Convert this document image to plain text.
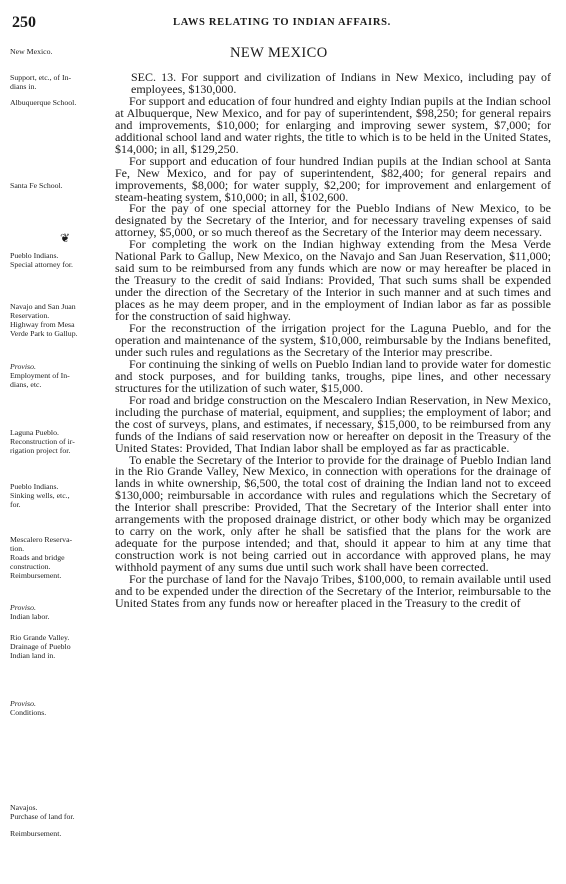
250	LAWS RELATING TO INDIAN AFFAIRS.
NEW MEXICO
New Mexico.
Support, etc., of In-
dians in.
Albuquerque School.
Santa Fe School.
Pueblo Indians.
Special attorney for.
Navajo and San Juan
Reservation.
Highway from Mesa
Verde Park to Gallup.
Proviso.
Employment of In-
dians, etc.
Laguna Pueblo.
Reconstruction of ir-
rigation project for.
Pueblo Indians.
Sinking wells, etc.,
for.
Mescalero Reserva-
tion.
Roads and bridge
construction.
Reimbursement.
Proviso.
Indian labor.
Rio Grande Valley.
Drainage of Pueblo
Indian land in.
Proviso.
Conditions.
Navajos.
Purchase of land for.
Reimbursement.
❦

SEC. 13. For support and civilization of Indians in New Mexico, including pay of employees, $130,000.

For support and education of four hundred and eighty Indian pupils at the Indian school at Albuquerque, New Mexico, and for pay of superintendent, $98,250; for general repairs and improvements, $10,000; for enlarging and improving sewer system, $7,000; for additional school land and water rights, the title to which is to be held in the United States, $14,000; in all, $129,250.

For support and education of four hundred Indian pupils at the Indian school at Santa Fe, New Mexico, and for pay of superintendent, $82,400; for general repairs and improvements, $8,000; for water supply, $2,200; for improvement and enlargement of steam-heating system, $10,000; in all, $102,600.

For the pay of one special attorney for the Pueblo Indians of New Mexico, to be designated by the Secretary of the Interior, and for necessary traveling expenses of said attorney, $5,000, or so much thereof as the Secretary of the Interior may deem necessary.

For completing the work on the Indian highway extending from the Mesa Verde National Park to Gallup, New Mexico, on the Navajo and San Juan Reservation, $11,000; said sum to be reimbursed from any funds which are now or may hereafter be placed in the Treasury to the credit of said Indians: Provided, That such sums shall be expended under the direction of the Secretary of the Interior in such manner and at such times and places as he may deem proper, and in the employment of Indian labor as far as possible for the construction of said highway.

For the reconstruction of the irrigation project for the Laguna Pueblo, and for the operation and maintenance of the system, $10,000, reimbursable by the Indians benefited, under such rules and regulations as the Secretary of the Interior may prescribe.

For continuing the sinking of wells on Pueblo Indian land to provide water for domestic and stock purposes, and for building tanks, troughs, pipe lines, and other necessary structures for the utilization of such water, $15,000.

For road and bridge construction on the Mescalero Indian Reservation, in New Mexico, including the purchase of material, equipment, and supplies; the employment of labor; and the cost of surveys, plans, and estimates, if necessary, $15,000, to be reimbursed from any funds of the Indians of said reservation now or hereafter on deposit in the Treasury of the United States: Provided, That Indian labor shall be employed as far as practicable.

To enable the Secretary of the Interior to provide for the drainage of Pueblo Indian land in the Rio Grande Valley, New Mexico, in connection with operations for the drainage of lands in white ownership, $6,500, the total cost of draining the Indian land not to exceed $130,000; reimbursable in accordance with rules and regulations which the Secretary of the Interior shall prescribe: Provided, That the Secretary of the Interior shall enter into arrangements with the proposed drainage district, or other body which may be organized to carry on the work, only after he shall be satisfied that the plans for the work are adequate for the purpose intended; and that, should it appear to him at any time that construction work is not being carried out in accordance with approved plans, he may withhold payment of any sums due until such work shall have been corrected.

For the purchase of land for the Navajo Tribes, $100,000, to remain available until used and to be expended under the direction of the Secretary of the Interior, reimbursable to the United States from any funds now or hereafter placed in the Treasury to the credit of
